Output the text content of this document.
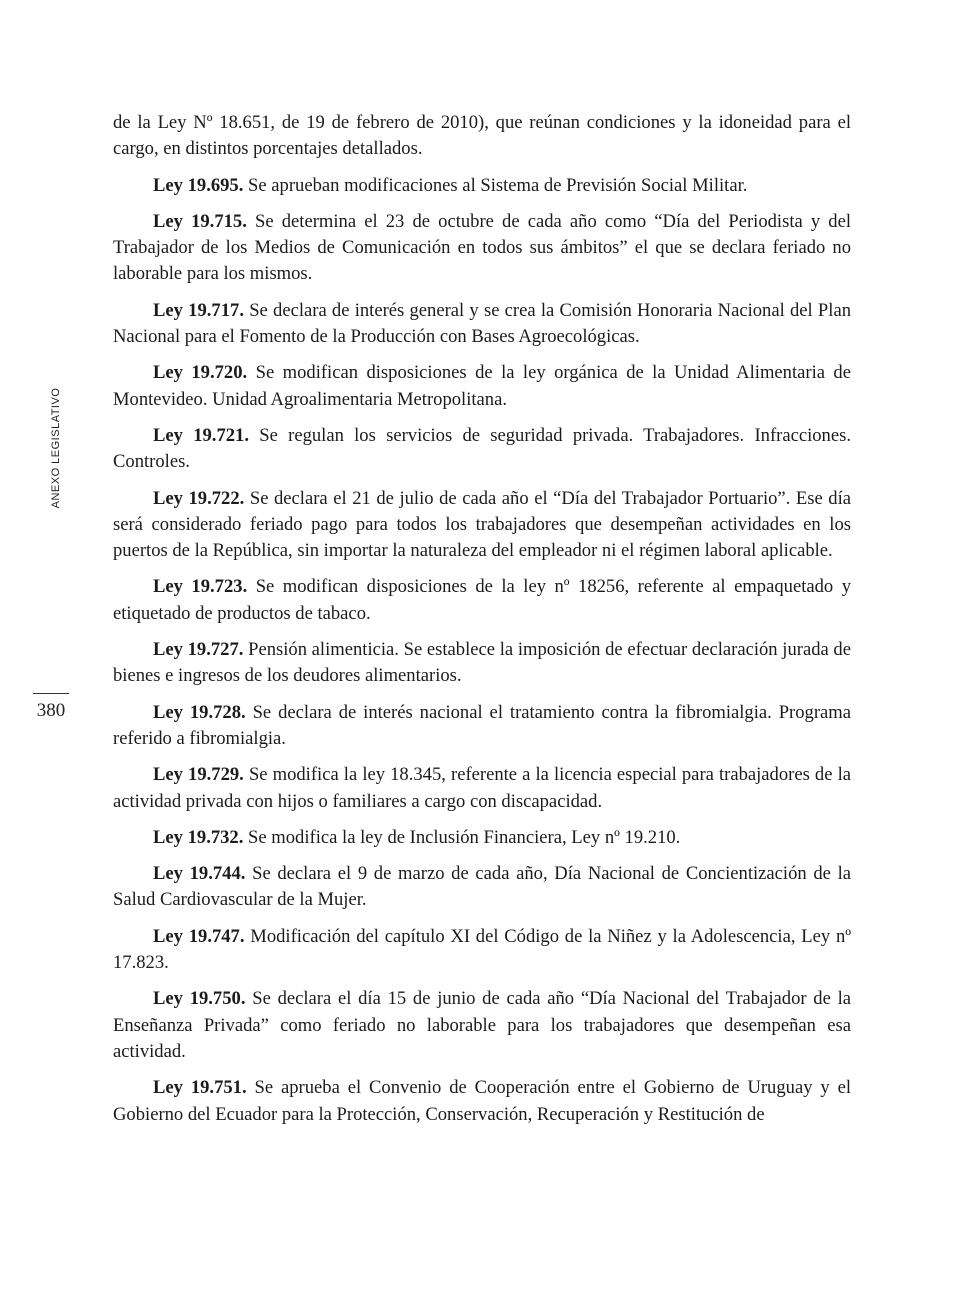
ANEXO LEGISLATIVO
380

de la Ley Nº 18.651, de 19 de febrero de 2010), que reúnan condiciones y la idoneidad para el cargo, en distintos porcentajes detallados.

Ley 19.695. Se aprueban modificaciones al Sistema de Previsión Social Militar.

Ley 19.715. Se determina el 23 de octubre de cada año como “Día del Periodista y del Trabajador de los Medios de Comunicación en todos sus ámbitos” el que se declara feriado no laborable para los mismos.

Ley 19.717. Se declara de interés general y se crea la Comisión Honoraria Nacional del Plan Nacional para el Fomento de la Producción con Bases Agroecológicas.

Ley 19.720. Se modifican disposiciones de la ley orgánica de la Unidad Alimentaria de Montevideo. Unidad Agroalimentaria Metropolitana.

Ley 19.721. Se regulan los servicios de seguridad privada. Trabajadores. Infracciones. Controles.

Ley 19.722. Se declara el 21 de julio de cada año el “Día del Trabajador Portuario”. Ese día será considerado feriado pago para todos los trabajadores que desempeñan actividades en los puertos de la República, sin importar la naturaleza del empleador ni el régimen laboral aplicable.

Ley 19.723. Se modifican disposiciones de la ley nº 18256, referente al empaquetado y etiquetado de productos de tabaco.

Ley 19.727. Pensión alimenticia. Se establece la imposición de efectuar declaración jurada de bienes e ingresos de los deudores alimentarios.

Ley 19.728. Se declara de interés nacional el tratamiento contra la fibromialgia. Programa referido a fibromialgia.

Ley 19.729. Se modifica la ley 18.345, referente a la licencia especial para trabajadores de la actividad privada con hijos o familiares a cargo con discapacidad.

Ley 19.732. Se modifica la ley de Inclusión Financiera, Ley nº 19.210.

Ley 19.744. Se declara el 9 de marzo de cada año, Día Nacional de Concientización de la Salud Cardiovascular de la Mujer.

Ley 19.747. Modificación del capítulo XI del Código de la Niñez y la Adolescencia, Ley nº 17.823.

Ley 19.750. Se declara el día 15 de junio de cada año “Día Nacional del Trabajador de la Enseñanza Privada” como feriado no laborable para los trabajadores que desempeñan esa actividad.

Ley 19.751. Se aprueba el Convenio de Cooperación entre el Gobierno de Uruguay y el Gobierno del Ecuador para la Protección, Conservación, Recuperación y Restitución de
